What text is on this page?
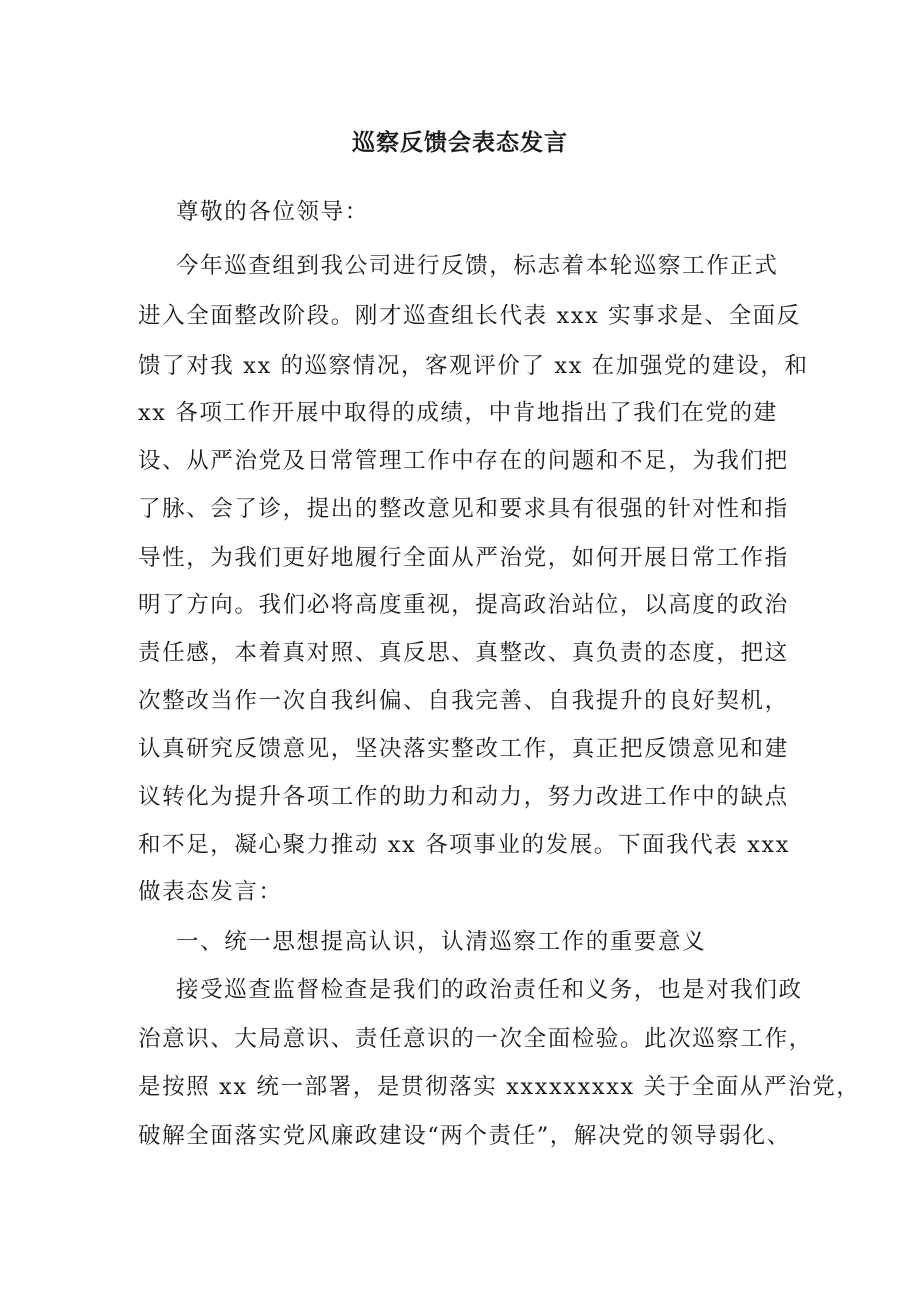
巡察反馈会表态发言
尊敬的各位领导：
今年巡查组到我公司进行反馈，标志着本轮巡察工作正式
进入全面整改阶段。刚才巡查组长代表 xxx 实事求是、全面反
馈了对我 xx 的巡察情况，客观评价了 xx 在加强党的建设，和
xx 各项工作开展中取得的成绩，中肯地指出了我们在党的建
设、从严治党及日常管理工作中存在的问题和不足，为我们把
了脉、会了诊，提出的整改意见和要求具有很强的针对性和指
导性，为我们更好地履行全面从严治党，如何开展日常工作指
明了方向。我们必将高度重视，提高政治站位，以高度的政治
责任感，本着真对照、真反思、真整改、真负责的态度，把这
次整改当作一次自我纠偏、自我完善、自我提升的良好契机，
认真研究反馈意见，坚决落实整改工作，真正把反馈意见和建
议转化为提升各项工作的助力和动力，努力改进工作中的缺点
和不足，凝心聚力推动 xx 各项事业的发展。下面我代表 xxx
做表态发言：
一、统一思想提高认识，认清巡察工作的重要意义
接受巡查监督检查是我们的政治责任和义务，也是对我们政
治意识、大局意识、责任意识的一次全面检验。此次巡察工作，
是按照 xx 统一部署，是贯彻落实 xxxxxxxxx 关于全面从严治党，
破解全面落实党风廉政建设“两个责任”，解决党的领导弱化、
